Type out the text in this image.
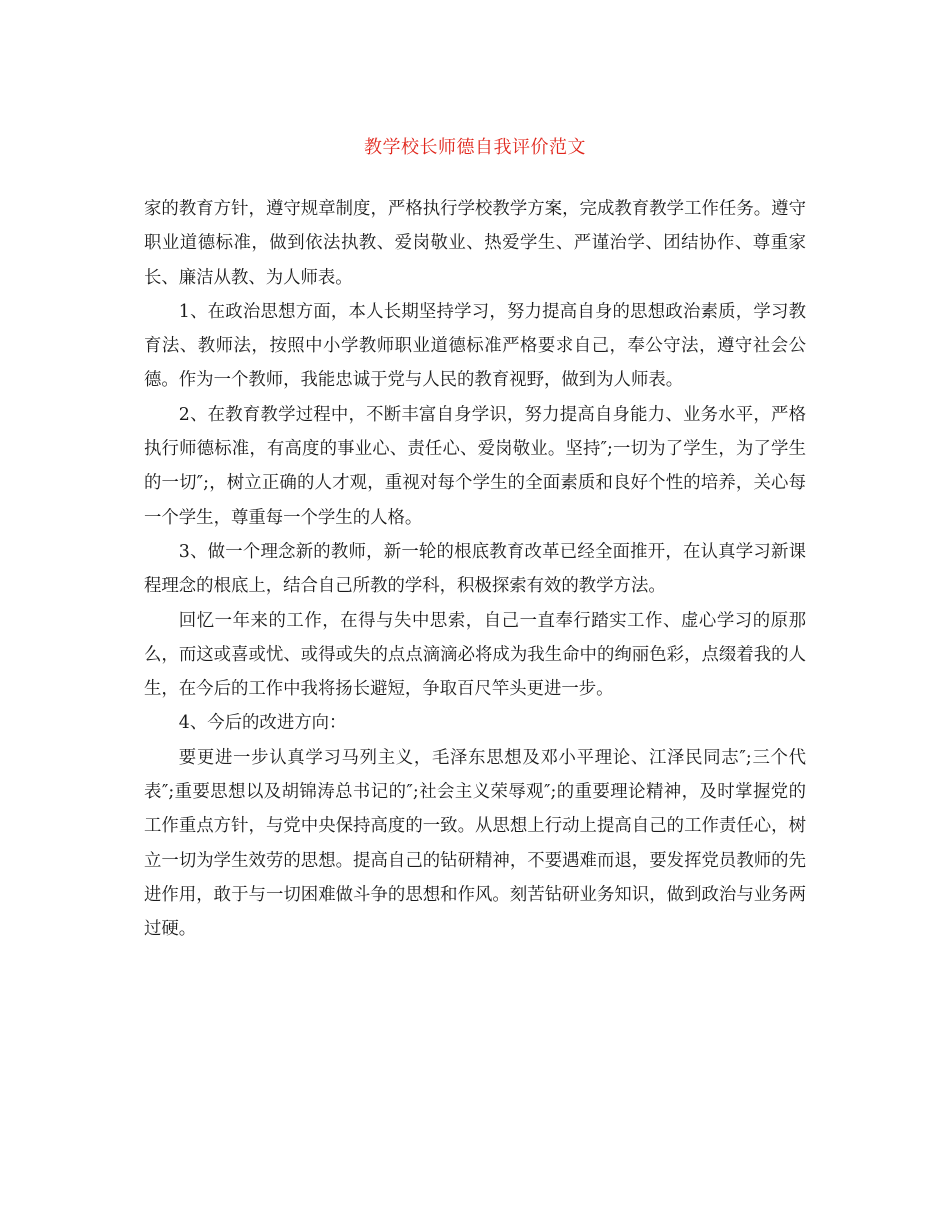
教学校长师德自我评价范文

家的教育方针，遵守规章制度，严格执行学校教学方案，完成教育教学工作任务。遵守职业道德标准，做到依法执教、爱岗敬业、热爱学生、严谨治学、团结协作、尊重家长、廉洁从教、为人师表。

1、在政治思想方面，本人长期坚持学习，努力提高自身的思想政治素质，学习教育法、教师法，按照中小学教师职业道德标准严格要求自己，奉公守法，遵守社会公德。作为一个教师，我能忠诚于党与人民的教育视野，做到为人师表。

2、在教育教学过程中，不断丰富自身学识，努力提高自身能力、业务水平，严格执行师德标准，有高度的事业心、责任心、爱岗敬业。坚持″;一切为了学生，为了学生的一切″;，树立正确的人才观，重视对每个学生的全面素质和良好个性的培养，关心每一个学生，尊重每一个学生的人格。

3、做一个理念新的教师，新一轮的根底教育改革已经全面推开，在认真学习新课程理念的根底上，结合自己所教的学科，积极探索有效的教学方法。

回忆一年来的工作，在得与失中思索，自己一直奉行踏实工作、虚心学习的原那么，而这或喜或忧、或得或失的点点滴滴必将成为我生命中的绚丽色彩，点缀着我的人生，在今后的工作中我将扬长避短，争取百尺竿头更进一步。

4、今后的改进方向：

要更进一步认真学习马列主义，毛泽东思想及邓小平理论、江泽民同志″;三个代表″;重要思想以及胡锦涛总书记的″;社会主义荣辱观″;的重要理论精神，及时掌握党的工作重点方针，与党中央保持高度的一致。从思想上行动上提高自己的工作责任心，树立一切为学生效劳的思想。提高自己的钻研精神，不要遇难而退，要发挥党员教师的先进作用，敢于与一切困难做斗争的思想和作风。刻苦钻研业务知识，做到政治与业务两过硬。
